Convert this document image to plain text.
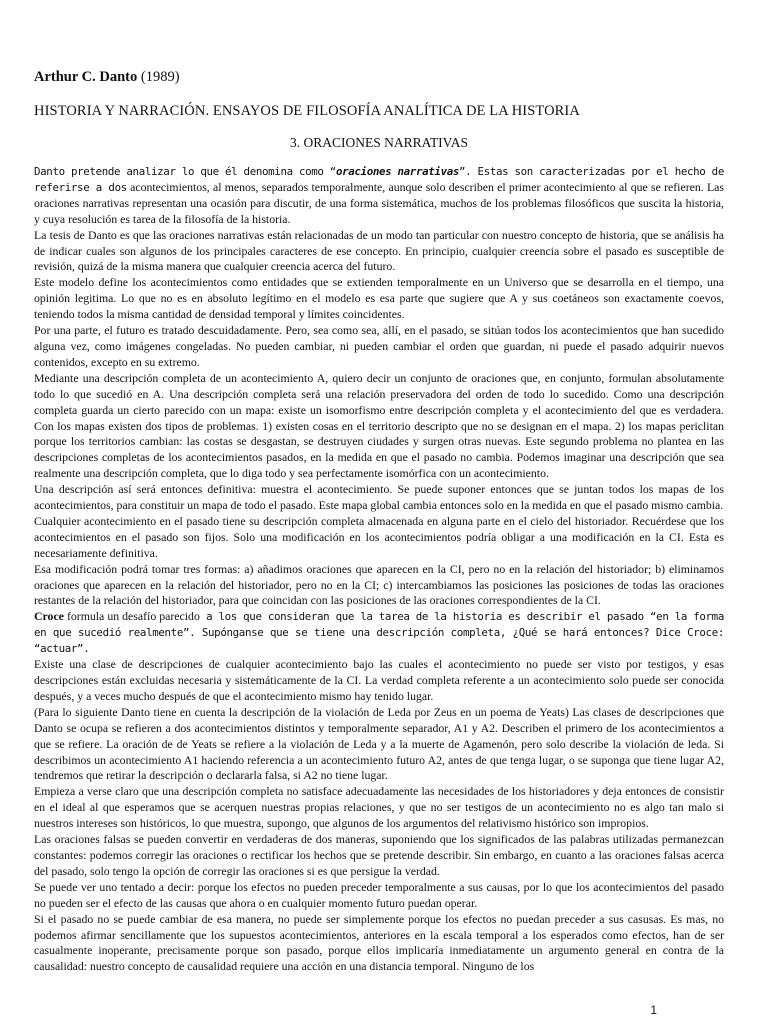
Arthur C. Danto (1989)
HISTORIA Y NARRACIÓN. ENSAYOS DE FILOSOFÍA ANALÍTICA DE LA HISTORIA
3. ORACIONES NARRATIVAS

Danto pretende analizar lo que él denomina como “oraciones narrativas”. Estas son caracterizadas por el hecho de referirse a dos acontecimientos, al menos, separados temporalmente, aunque solo describen el primer acontecimiento al que se refieren. Las oraciones narrativas representan una ocasión para discutir, de una forma sistemática, muchos de los problemas filosóficos que suscita la historia, y cuya resolución es tarea de la filosofía de la historia.

La tesis de Danto es que las oraciones narrativas están relacionadas de un modo tan particular con nuestro concepto de historia, que se análisis ha de indicar cuales son algunos de los principales caracteres de ese concepto. En principio, cualquier creencia sobre el pasado es susceptible de revisión, quizá de la misma manera que cualquier creencia acerca del futuro.

Este modelo define los acontecimientos como entidades que se extienden temporalmente en un Universo que se desarrolla en el tiempo, una opinión legitima. Lo que no es en absoluto legítimo en el modelo es esa parte que sugiere que A y sus coetáneos son exactamente coevos, teniendo todos la misma cantidad de densidad temporal y límites coincidentes.

Por una parte, el futuro es tratado descuidadamente. Pero, sea como sea, allí, en el pasado, se sitúan todos los acontecimientos que han sucedido alguna vez, como imágenes congeladas. No pueden cambiar, ni pueden cambiar el orden que guardan, ni puede el pasado adquirir nuevos contenidos, excepto en su extremo.

Mediante una descripción completa de un acontecimiento A, quiero decir un conjunto de oraciones que, en conjunto, formulan absolutamente todo lo que sucedió en A. Una descripción completa será una relación preservadora del orden de todo lo sucedido. Como una descripción completa guarda un cierto parecido con un mapa: existe un isomorfismo entre descripción completa y el acontecimiento del que es verdadera. Con los mapas existen dos tipos de problemas. 1) existen cosas en el territorio descripto que no se designan en el mapa. 2) los mapas periclitan porque los territorios cambian: las costas se desgastan, se destruyen ciudades y surgen otras nuevas. Este segundo problema no plantea en las descripciones completas de los acontecimientos pasados, en la medida en que el pasado no cambia. Podemos imaginar una descripción que sea realmente una descripción completa, que lo diga todo y sea perfectamente isomórfica con un acontecimiento.

Una descripción así será entonces definitiva: muestra el acontecimiento. Se puede suponer entonces que se juntan todos los mapas de los acontecimientos, para constituir un mapa de todo el pasado. Este mapa global cambia entonces solo en la medida en que el pasado mismo cambia.

Cualquier acontecimiento en el pasado tiene su descripción completa almacenada en alguna parte en el cielo del historiador. Recuérdese que los acontecimientos en el pasado son fijos. Solo una modificación en los acontecimientos podría obligar a una modificación en la CI. Esta es necesariamente definitiva.

Esa modificación podrá tomar tres formas: a) añadimos oraciones que aparecen en la CI, pero no en la relación del historiador; b) eliminamos oraciones que aparecen en la relación del historiador, pero no en la CI; c) intercambiamos las posiciones las posiciones de todas las oraciones restantes de la relación del historiador, para que coincidan con las posiciones de las oraciones correspondientes de la CI.

Croce formula un desafío parecido a los que consideran que la tarea de la historia es describir el pasado “en la forma en que sucedió realmente”. Supónganse que se tiene una descripción completa, ¿Qué se hará entonces? Dice Croce: “actuar”.

Existe una clase de descripciones de cualquier acontecimiento bajo las cuales el acontecimiento no puede ser visto por testigos, y esas descripciones están excluidas necesaria y sistemáticamente de la CI. La verdad completa referente a un acontecimiento solo puede ser conocida después, y a veces mucho después de que el acontecimiento mismo hay tenido lugar.

(Para lo siguiente Danto tiene en cuenta la descripción de la violación de Leda por Zeus en un poema de Yeats) Las clases de descripciones que Danto se ocupa se refieren a dos acontecimientos distintos y temporalmente separador, A1 y A2. Describen el primero de los acontecimientos a que se refiere. La oración de de Yeats se refiere a la violación de Leda y a la muerte de Agamenón, pero solo describe la violación de leda. Si describimos un acontecimiento A1 haciendo referencia a un acontecimiento futuro A2, antes de que tenga lugar, o se suponga que tiene lugar A2, tendremos que retirar la descripción o declararla falsa, si A2 no tiene lugar.

Empieza a verse claro que una descripción completa no satisface adecuadamente las necesidades de los historiadores y deja entonces de consistir en el ideal al que esperamos que se acerquen nuestras propias relaciones, y que no ser testigos de un acontecimiento no es algo tan malo si nuestros intereses son históricos, lo que muestra, supongo, que algunos de los argumentos del relativismo histórico son impropios.

Las oraciones falsas se pueden convertir en verdaderas de dos maneras, suponiendo que los significados de las palabras utilizadas permanezcan constantes: podemos corregir las oraciones o rectificar los hechos que se pretende describir. Sin embargo, en cuanto a las oraciones falsas acerca del pasado, solo tengo la opción de corregir las oraciones si es que persigue la verdad.

Se puede ver uno tentado a decir: porque los efectos no pueden preceder temporalmente a sus causas, por lo que los acontecimientos del pasado no pueden ser el efecto de las causas que ahora o en cualquier momento futuro puedan operar.

Si el pasado no se puede cambiar de esa manera, no puede ser simplemente porque los efectos no puedan preceder a sus casusas. Es mas, no podemos afirmar sencillamente que los supuestos acontecimientos, anteriores en la escala temporal a los esperados como efectos, han de ser casualmente inoperante, precisamente porque son pasado, porque ellos implicaría inmediatamente un argumento general en contra de la causalidad: nuestro concepto de causalidad requiere una acción en una distancia temporal. Ninguno de los

1
